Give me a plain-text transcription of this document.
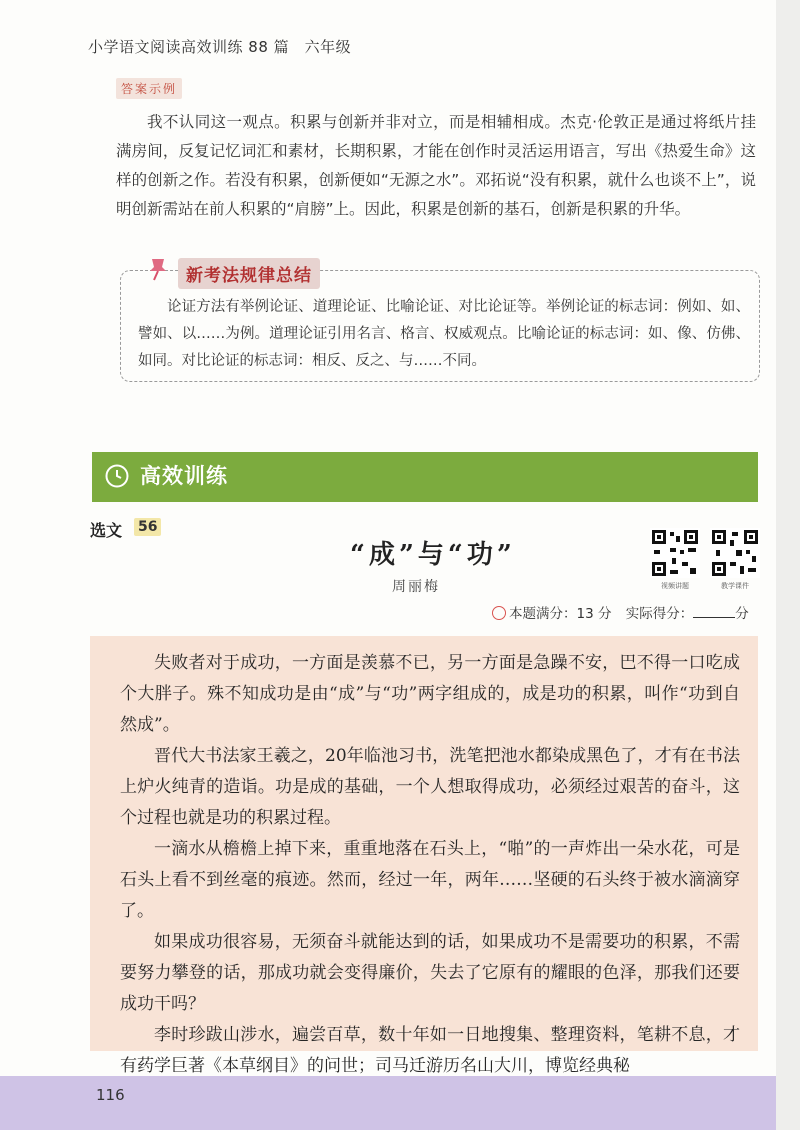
小学语文阅读高效训练 88 篇　六年级
答案示例

我不认同这一观点。积累与创新并非对立，而是相辅相成。杰克·伦敦正是通过将纸片挂满房间，反复记忆词汇和素材，长期积累，才能在创作时灵活运用语言，写出《热爱生命》这样的创新之作。若没有积累，创新便如“无源之水”。邓拓说“没有积累，就什么也谈不上”，说明创新需站在前人积累的“肩膀”上。因此，积累是创新的基石，创新是积累的升华。

新考法规律总结

论证方法有举例论证、道理论证、比喻论证、对比论证等。举例论证的标志词：例如、如、譬如、以……为例。道理论证引用名言、格言、权威观点。比喻论证的标志词：如、像、仿佛、如同。对比论证的标志词：相反、反之、与……不同。

高效训练
选文 56
“成”与“功”
周丽梅	视频讲题	教学课件
本题满分：13 分 实际得分：	分

失败者对于成功，一方面是羡慕不已，另一方面是急躁不安，巴不得一口吃成个大胖子。殊不知成功是由“成”与“功”两字组成的，成是功的积累，叫作“功到自然成”。

晋代大书法家王羲之，20年临池习书，洗笔把池水都染成黑色了，才有在书法上炉火纯青的造诣。功是成的基础，一个人想取得成功，必须经过艰苦的奋斗，这个过程也就是功的积累过程。

一滴水从檐檐上掉下来，重重地落在石头上，“啪”的一声炸出一朵水花，可是石头上看不到丝毫的痕迹。然而，经过一年，两年……坚硬的石头终于被水滴滴穿了。

如果成功很容易，无须奋斗就能达到的话，如果成功不是需要功的积累，不需要努力攀登的话，那成功就会变得廉价，失去了它原有的耀眼的色泽，那我们还要成功干吗？

李时珍跋山涉水，遍尝百草，数十年如一日地搜集、整理资料，笔耕不息，才有药学巨著《本草纲目》的问世；司马迁游历名山大川，博览经典秘

116
